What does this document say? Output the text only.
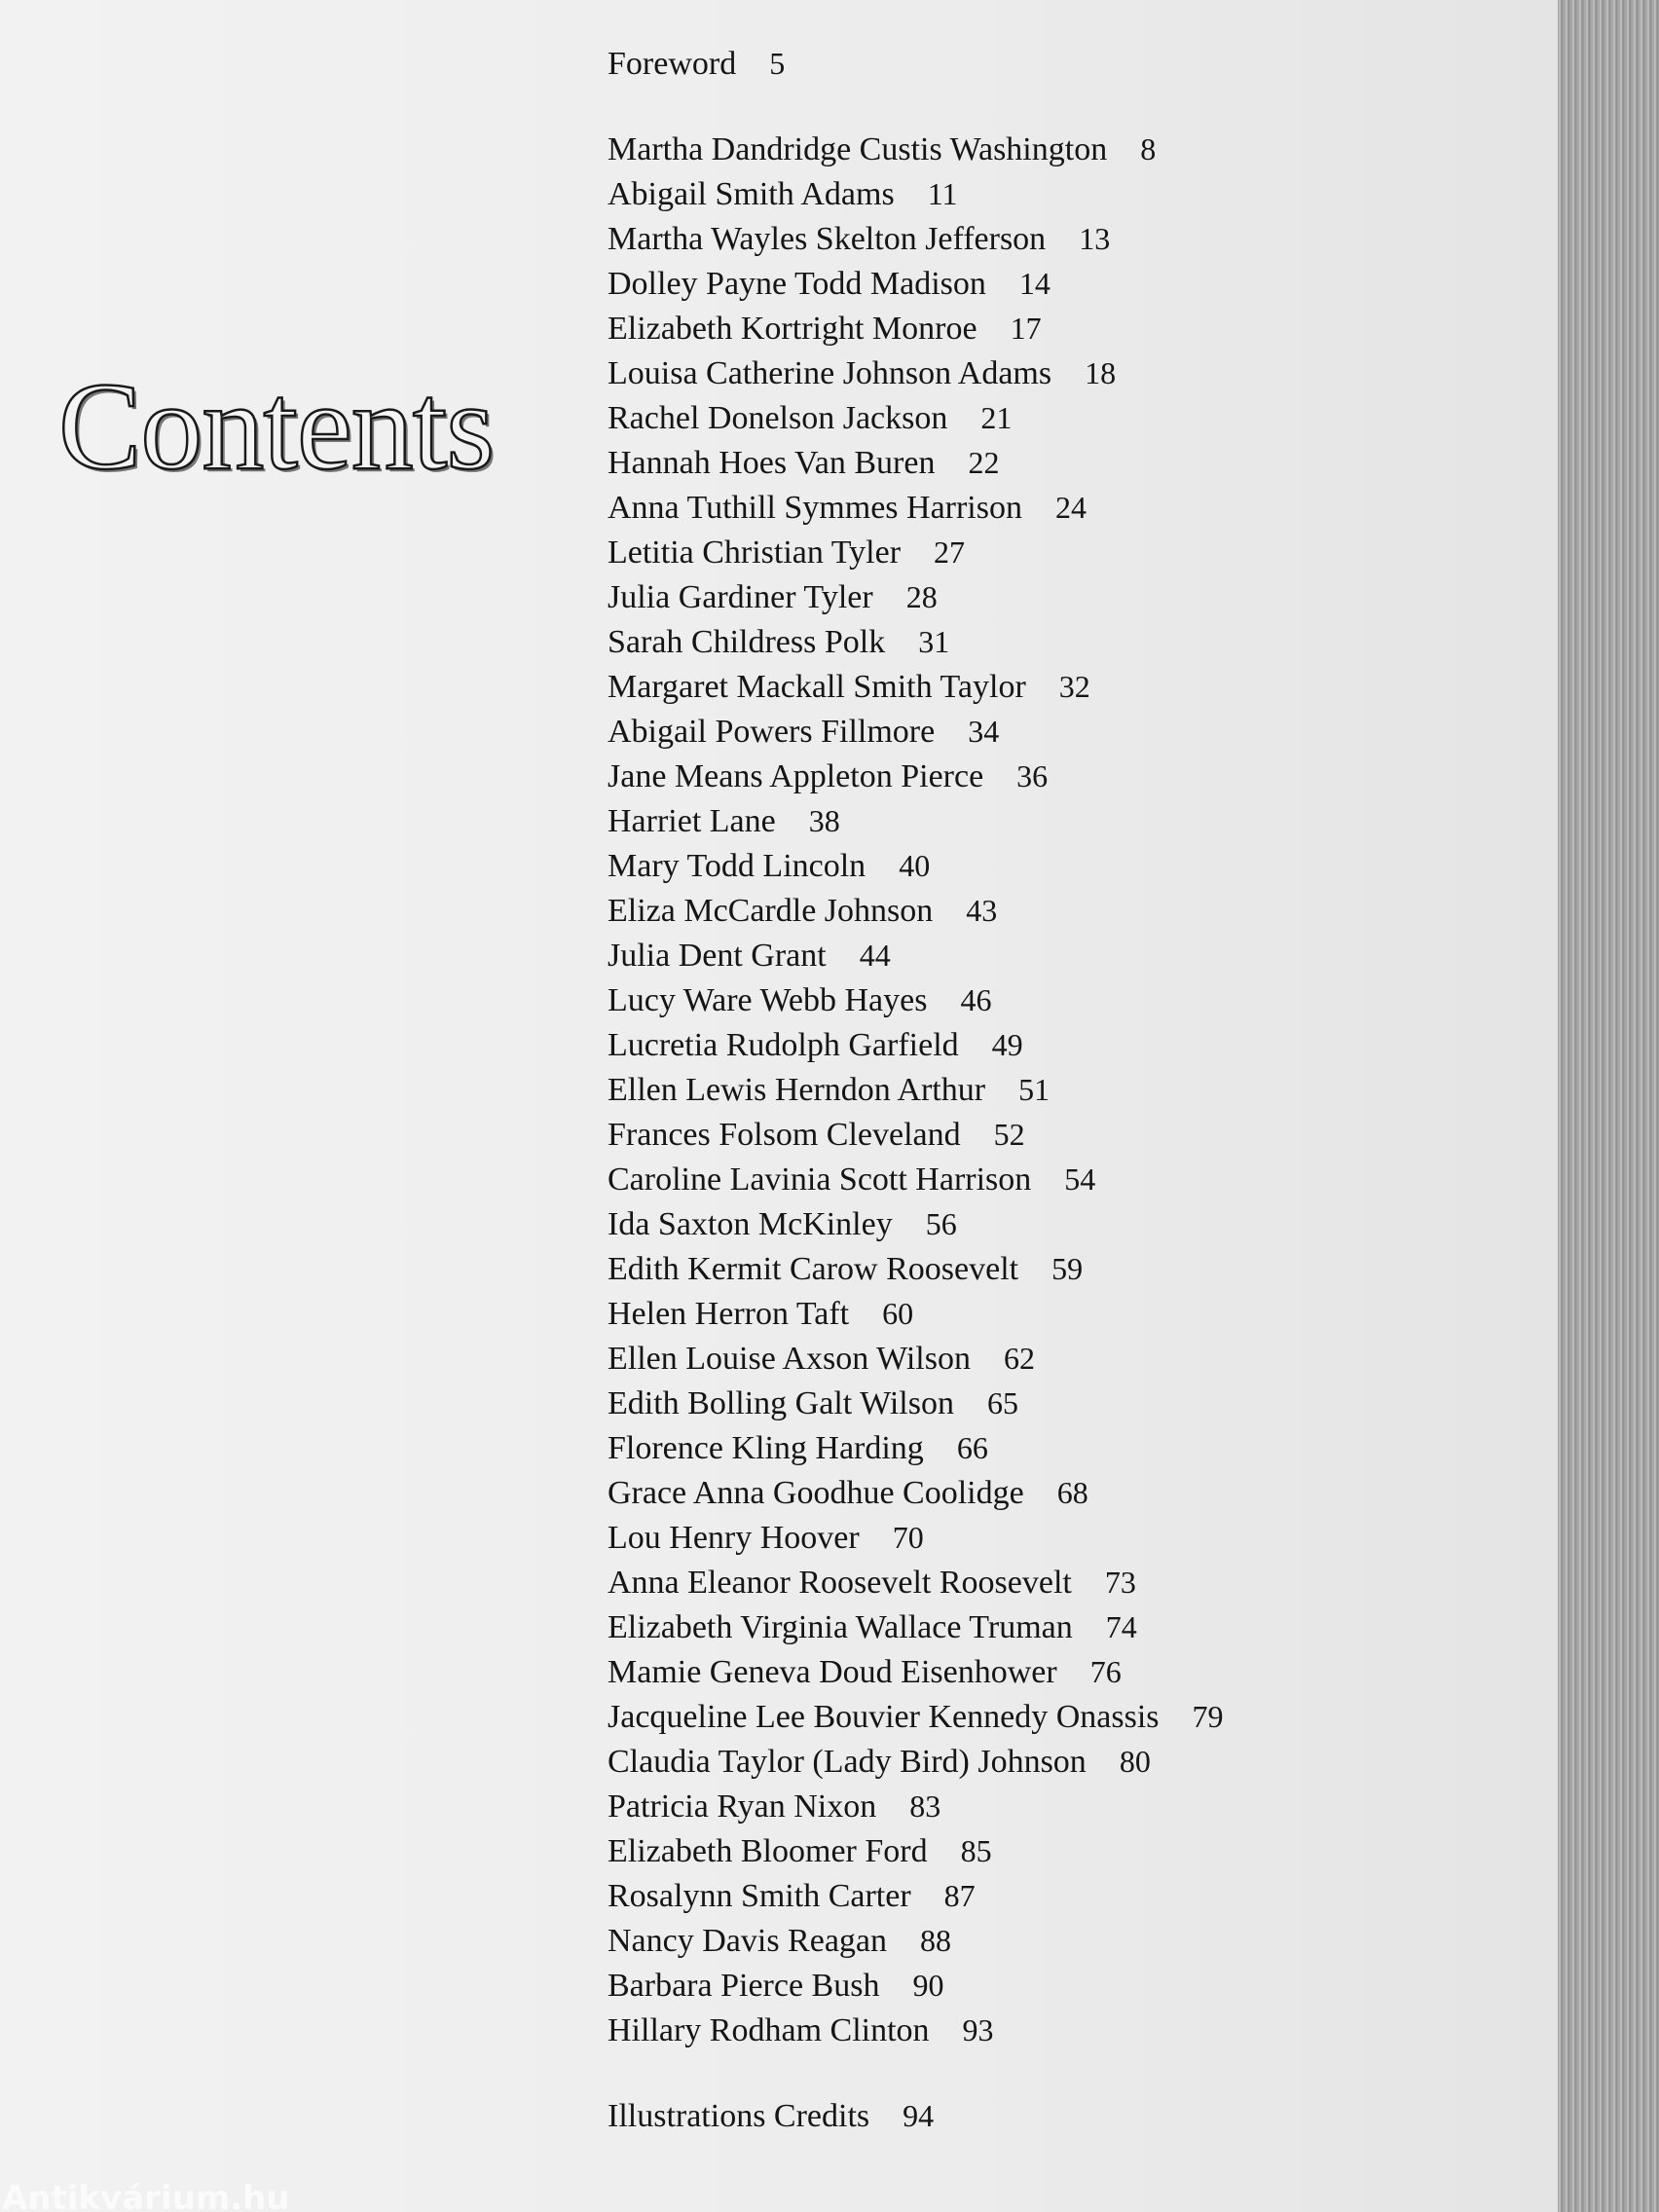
Contents
Foreword 5
Martha Dandridge Custis Washington 8
Abigail Smith Adams 11
Martha Wayles Skelton Jefferson 13
Dolley Payne Todd Madison 14
Elizabeth Kortright Monroe 17
Louisa Catherine Johnson Adams 18
Rachel Donelson Jackson 21
Hannah Hoes Van Buren 22
Anna Tuthill Symmes Harrison 24
Letitia Christian Tyler 27
Julia Gardiner Tyler 28
Sarah Childress Polk 31
Margaret Mackall Smith Taylor 32
Abigail Powers Fillmore 34
Jane Means Appleton Pierce 36
Harriet Lane 38
Mary Todd Lincoln 40
Eliza McCardle Johnson 43
Julia Dent Grant 44
Lucy Ware Webb Hayes 46
Lucretia Rudolph Garfield 49
Ellen Lewis Herndon Arthur 51
Frances Folsom Cleveland 52
Caroline Lavinia Scott Harrison 54
Ida Saxton McKinley 56
Edith Kermit Carow Roosevelt 59
Helen Herron Taft 60
Ellen Louise Axson Wilson 62
Edith Bolling Galt Wilson 65
Florence Kling Harding 66
Grace Anna Goodhue Coolidge 68
Lou Henry Hoover 70
Anna Eleanor Roosevelt Roosevelt 73
Elizabeth Virginia Wallace Truman 74
Mamie Geneva Doud Eisenhower 76
Jacqueline Lee Bouvier Kennedy Onassis 79
Claudia Taylor (Lady Bird) Johnson 80
Patricia Ryan Nixon 83
Elizabeth Bloomer Ford 85
Rosalynn Smith Carter 87
Nancy Davis Reagan 88
Barbara Pierce Bush 90
Hillary Rodham Clinton 93
Illustrations Credits 94
Antikvárium.hu
